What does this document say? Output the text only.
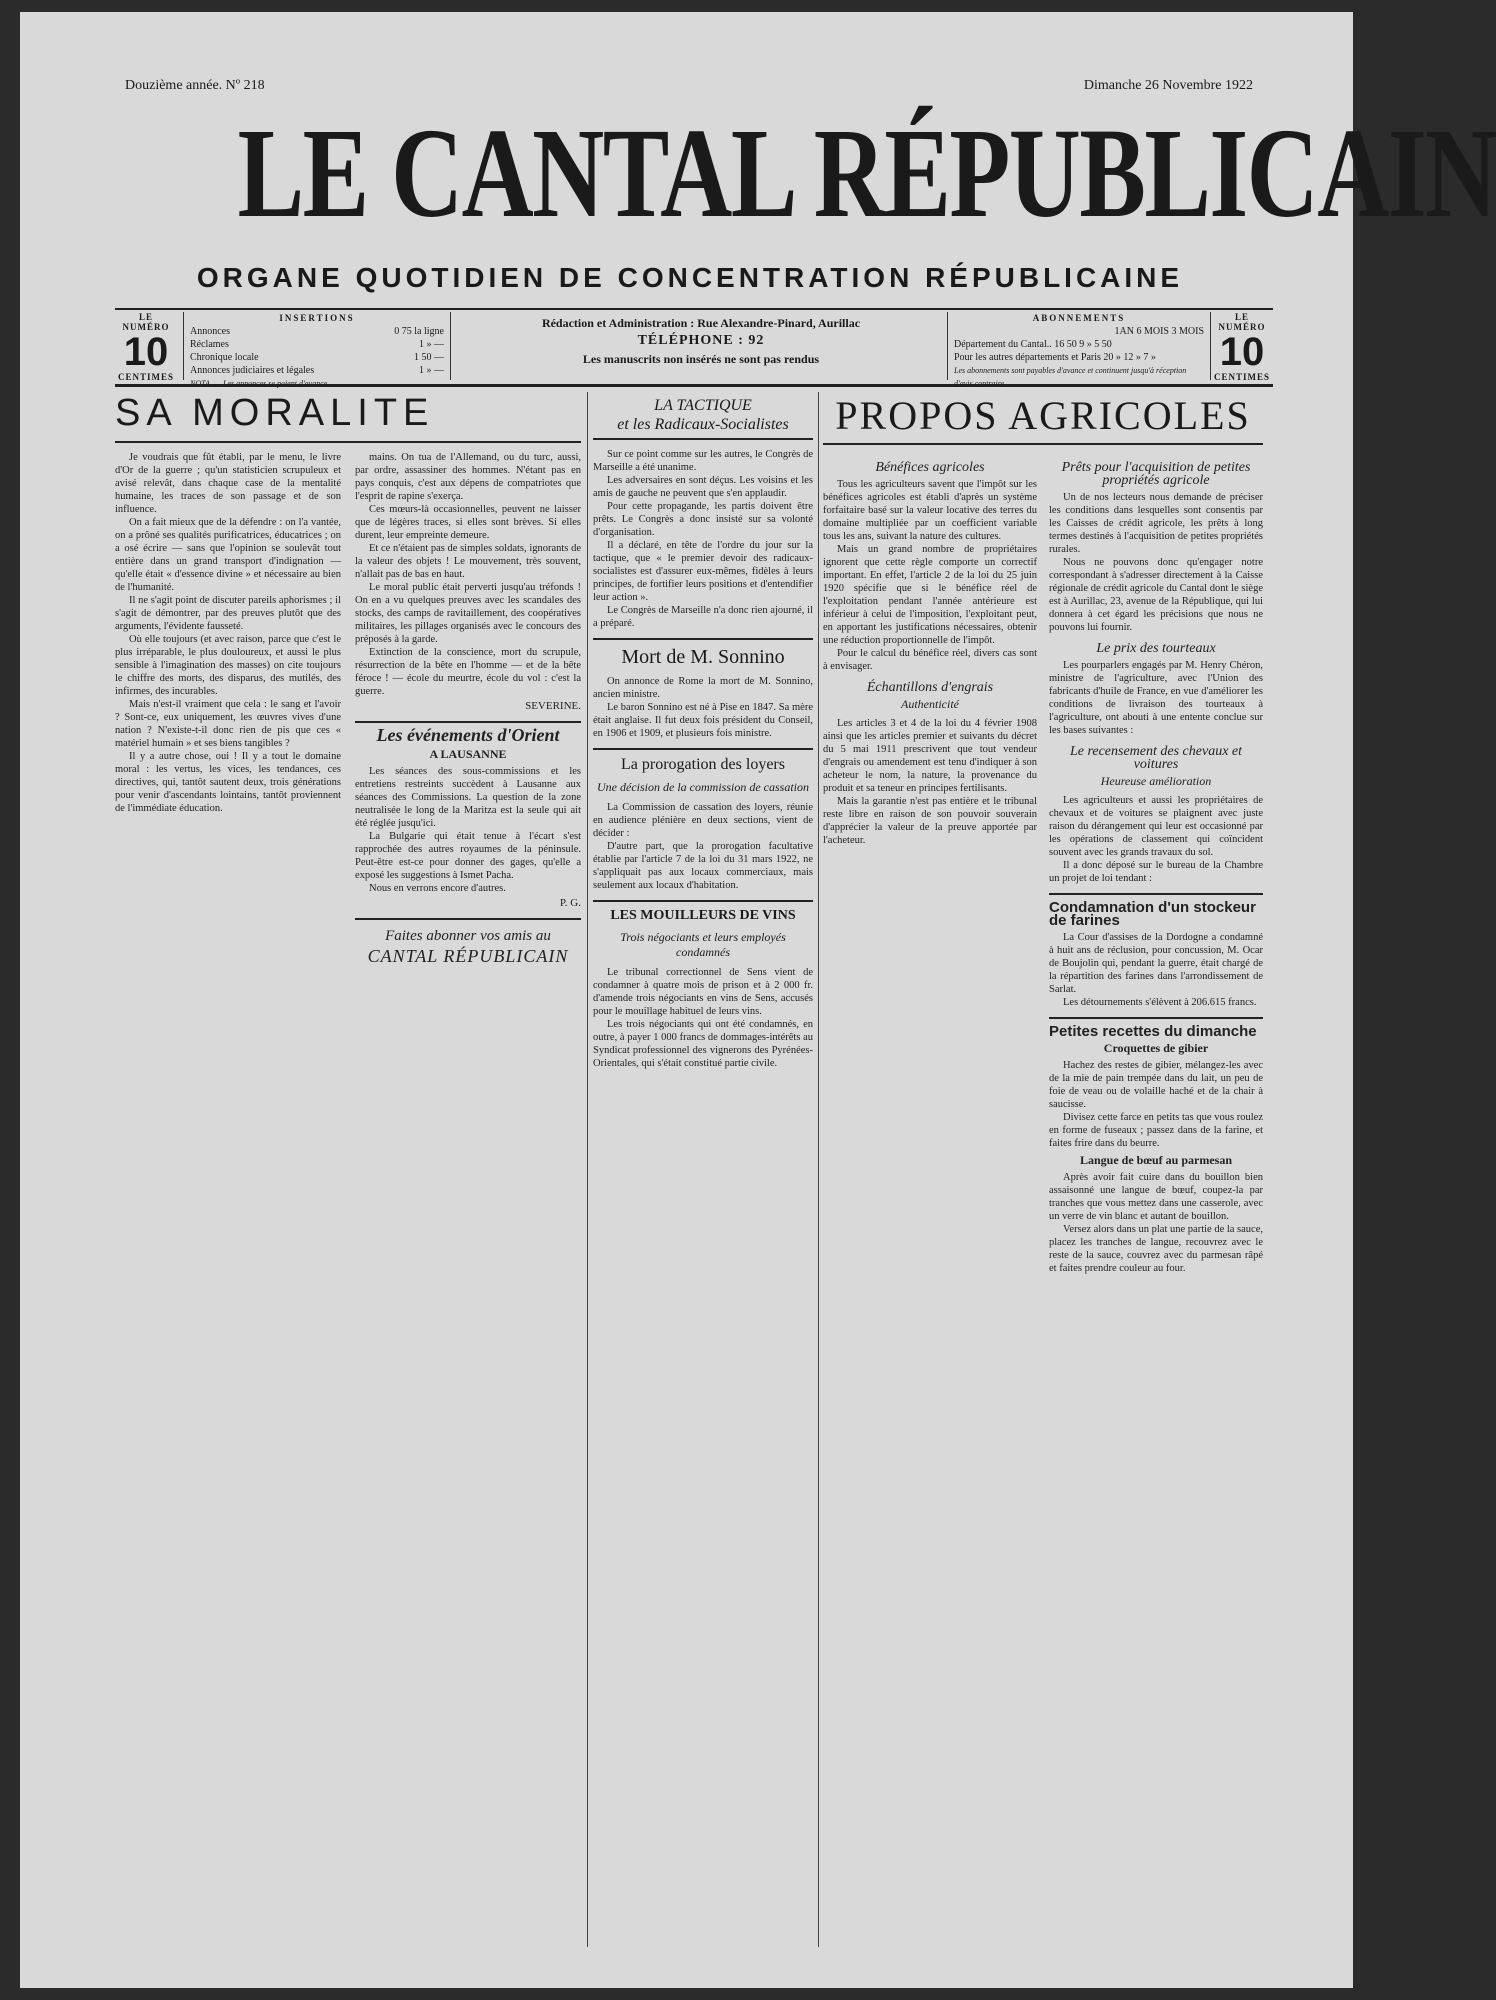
Douzième année. Nº 218	Dimanche 26 Novembre 1922
LE CANTAL RÉPUBLICAIN
ORGANE QUOTIDIEN DE CONCENTRATION RÉPUBLICAINE
LE NUMÉRO
10
CENTIMES
INSERTIONS
Annonces	0 75 la ligne
Réclames	1 » —
Chronique locale	1 50 —
Annonces judiciaires et légales	1 » —
NOTA. — Les annonces se paient d'avance
Rédaction et Administration : Rue Alexandre-Pinard, Aurillac
TÉLÉPHONE : 92
Les manuscrits non insérés ne sont pas rendus
ABONNEMENTS
1AN 6 MOIS 3 MOIS
Département du Cantal.. 16 50 9 » 5 50
Pour les autres départements et Paris 20 » 12 » 7 »
Les abonnements sont payables d'avance et continuent jusqu'à réception d'avis contraire.
LE NUMÉRO
10
CENTIMES
SA MORALITE

Je voudrais que fût établi, par le menu, le livre d'Or de la guerre ; qu'un statisticien scrupuleux et avisé relevât, dans chaque case de la mentalité humaine, les traces de son passage et de son influence.

On a fait mieux que de la défendre : on l'a vantée, on a prôné ses qualités purificatrices, éducatrices ; on a osé écrire — sans que l'opinion se soulevât tout entière dans un grand transport d'indignation — qu'elle était « d'essence divine » et nécessaire au bien de l'humanité.

Il ne s'agit point de discuter pareils aphorismes ; il s'agit de démontrer, par des preuves plutôt que des arguments, l'évidente fausseté.

Où elle toujours (et avec raison, parce que c'est le plus irréparable, le plus douloureux, et aussi le plus sensible à l'imagination des masses) on cite toujours le chiffre des morts, des disparus, des mutilés, des infirmes, des incurables.

Mais n'est-il vraiment que cela : le sang et l'avoir ? Sont-ce, eux uniquement, les œuvres vives d'une nation ? N'existe-t-il donc rien de pis que ces « matériel humain » et ses biens tangibles ?

Il y a autre chose, oui ! Il y a tout le domaine moral : les vertus, les vices, les tendances, ces directives, qui, tantôt sautent deux, trois générations pour venir d'ascendants lointains, tantôt proviennent de l'immédiate éducation.

mains. On tua de l'Allemand, ou du turc, aussi, par ordre, assassiner des hommes. N'étant pas en pays conquis, c'est aux dépens de compatriotes que l'esprit de rapine s'exerça.

Ces mœurs-là occasionnelles, peuvent ne laisser que de légères traces, si elles sont brèves. Si elles durent, leur empreinte demeure.

Et ce n'étaient pas de simples soldats, ignorants de la valeur des objets ! Le mouvement, très souvent, n'allait pas de bas en haut.

Le moral public était perverti jusqu'au tréfonds ! On en a vu quelques preuves avec les scandales des stocks, des camps de ravitaillement, des coopératives militaires, les pillages organisés avec le concours des préposés à la garde.

Extinction de la conscience, mort du scrupule, résurrection de la bête en l'homme — et de la bête féroce ! — école du meurtre, école du vol : c'est la guerre.

SEVERINE.
Les événements d'Orient
A LAUSANNE

Les séances des sous-commissions et les entretiens restreints succèdent à Lausanne aux séances des Commissions. La question de la zone neutralisée le long de la Maritza est la seule qui ait été réglée jusqu'ici.

La Bulgarie qui était tenue à l'écart s'est rapprochée des autres royaumes de la péninsule. Peut-être est-ce pour donner des gages, qu'elle a exposé les suggestions à Ismet Pacha.

Nous en verrons encore d'autres.

P. G.
Faites abonner vos amis au
CANTAL RÉPUBLICAIN
LA TACTIQUE
et les Radicaux-Socialistes

Sur ce point comme sur les autres, le Congrès de Marseille a été unanime.

Les adversaires en sont déçus. Les voisins et les amis de gauche ne peuvent que s'en applaudir.

Pour cette propagande, les partis doivent être prêts. Le Congrès a donc insisté sur sa volonté d'organisation.

Il a déclaré, en tête de l'ordre du jour sur la tactique, que « le premier devoir des radicaux-socialistes est d'assurer eux-mêmes, fidèles à leurs principes, de fortifier leurs positions et d'entendifier leur action ».

Le Congrès de Marseille n'a donc rien ajourné, il a préparé.

Mort de M. Sonnino

On annonce de Rome la mort de M. Sonnino, ancien ministre.

Le baron Sonnino est né à Pise en 1847. Sa mère était anglaise. Il fut deux fois président du Conseil, en 1906 et 1909, et plusieurs fois ministre.

La prorogation des loyers
Une décision de la commission de cassation

La Commission de cassation des loyers, réunie en audience plénière en deux sections, vient de décider :

D'autre part, que la prorogation facultative établie par l'article 7 de la loi du 31 mars 1922, ne s'appliquait pas aux locaux commerciaux, mais seulement aux locaux d'habitation.

LES MOUILLEURS DE VINS
Trois négociants et leurs employés condamnés

Le tribunal correctionnel de Sens vient de condamner à quatre mois de prison et à 2 000 fr. d'amende trois négociants en vins de Sens, accusés pour le mouillage habituel de leurs vins.

Les trois négociants qui ont été condamnés, en outre, à payer 1 000 francs de dommages-intérêts au Syndicat professionnel des vignerons des Pyrénées-Orientales, qui s'était constitué partie civile.

PROPOS AGRICOLES
Bénéfices agricoles

Tous les agriculteurs savent que l'impôt sur les bénéfices agricoles est établi d'après un système forfaitaire basé sur la valeur locative des terres du domaine multipliée par un coefficient variable tous les ans, suivant la nature des cultures.

Mais un grand nombre de propriétaires ignorent que cette règle comporte un correctif important. En effet, l'article 2 de la loi du 25 juin 1920 spécifie que si le bénéfice réel de l'exploitation pendant l'année antérieure est inférieur à celui de l'imposition, l'exploitant peut, en apportant les justifications nécessaires, obtenir une réduction proportionnelle de l'impôt.

Pour le calcul du bénéfice réel, divers cas sont à envisager.

Échantillons d'engrais
Authenticité

Les articles 3 et 4 de la loi du 4 février 1908 ainsi que les articles premier et suivants du décret du 5 mai 1911 prescrivent que tout vendeur d'engrais ou amendement est tenu d'indiquer à son acheteur le nom, la nature, la provenance du produit et sa teneur en principes fertilisants.

Mais la garantie n'est pas entière et le tribunal reste libre en raison de son pouvoir souverain d'apprécier la valeur de la preuve apportée par l'acheteur.

Prêts pour l'acquisition de petites propriétés agricole

Un de nos lecteurs nous demande de préciser les conditions dans lesquelles sont consentis par les Caisses de crédit agricole, les prêts à long termes destinés à l'acquisition de petites propriétés rurales.

Nous ne pouvons donc qu'engager notre correspondant à s'adresser directement à la Caisse régionale de crédit agricole du Cantal dont le siège est à Aurillac, 23, avenue de la République, qui lui donnera à cet égard les précisions que nous ne pouvons lui fournir.

Le prix des tourteaux

Les pourparlers engagés par M. Henry Chéron, ministre de l'agriculture, avec l'Union des fabricants d'huile de France, en vue d'améliorer les conditions de livraison des tourteaux à l'agriculture, ont abouti à une entente conclue sur les bases suivantes :

Le recensement des chevaux et voitures
Heureuse amélioration

Les agriculteurs et aussi les propriétaires de chevaux et de voitures se plaignent avec juste raison du dérangement qui leur est occasionné par les opérations de classement qui coïncident souvent avec les grands travaux du sol.

Il a donc déposé sur le bureau de la Chambre un projet de loi tendant :

Condamnation d'un stockeur de farines

La Cour d'assises de la Dordogne a condamné à huit ans de réclusion, pour concussion, M. Ocar de Boujolin qui, pendant la guerre, était chargé de la répartition des farines dans l'arrondissement de Sarlat.

Les détournements s'élèvent à 206.615 francs.

Petites recettes du dimanche
Croquettes de gibier

Hachez des restes de gibier, mélangez-les avec de la mie de pain trempée dans du lait, un peu de foie de veau ou de volaille haché et de la chair à saucisse.

Divisez cette farce en petits tas que vous roulez en forme de fuseaux ; passez dans de la farine, et faites frire dans du beurre.

Langue de bœuf au parmesan

Après avoir fait cuire dans du bouillon bien assaisonné une langue de bœuf, coupez-la par tranches que vous mettez dans une casserole, avec un verre de vin blanc et autant de bouillon.

Versez alors dans un plat une partie de la sauce, placez les tranches de langue, recouvrez avec le reste de la sauce, couvrez avec du parmesan râpé et faites prendre couleur au four.
